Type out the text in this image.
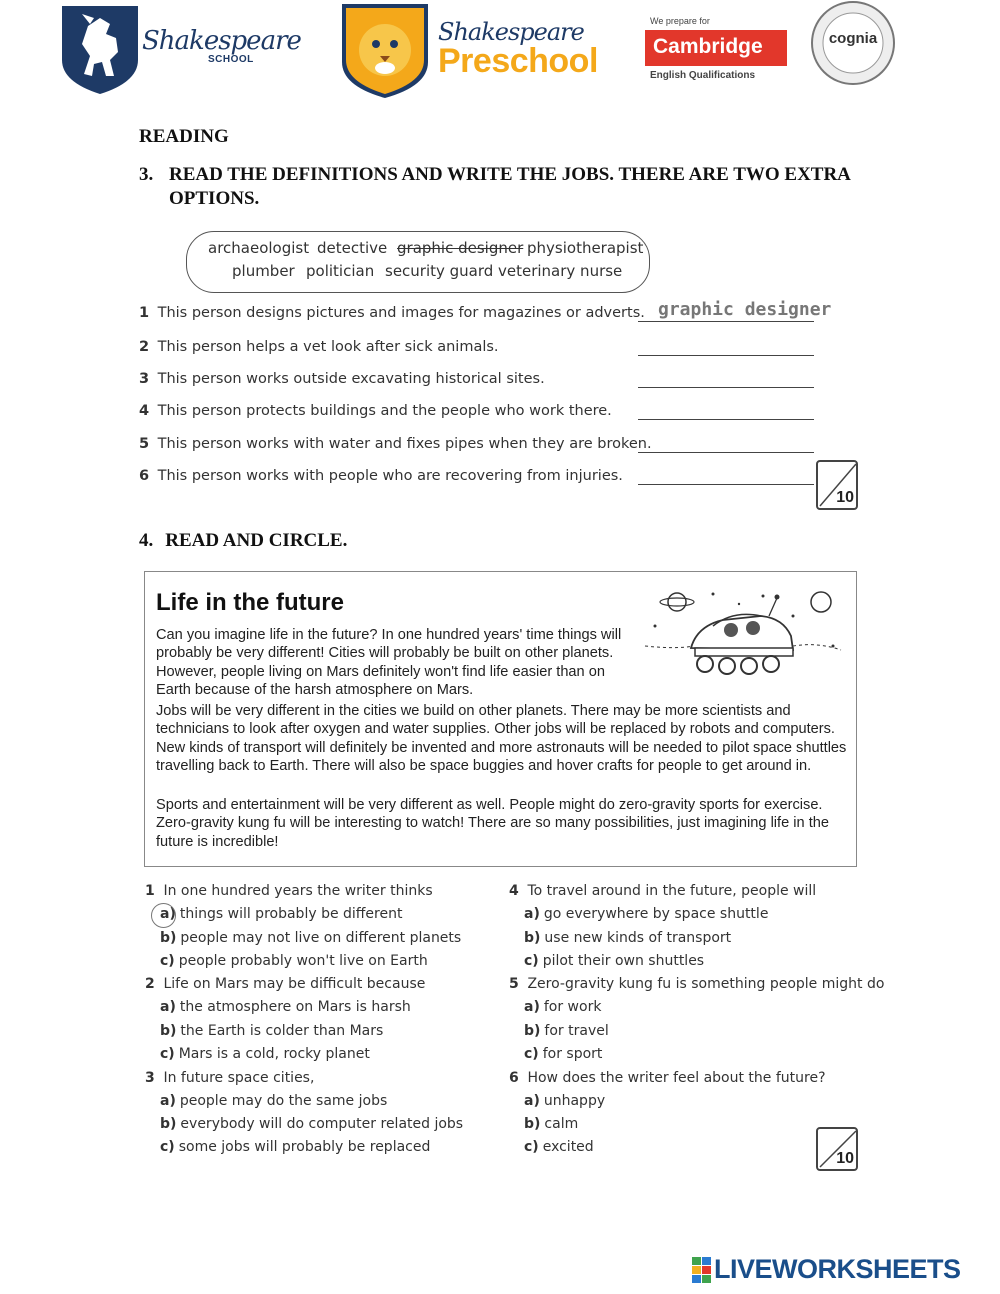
Shakespeare
SCHOOL
Shakespeare
Preschool
We prepare for
Cambridge
English Qualifications
cognia
READING
3. READ THE DEFINITIONS AND WRITE THE JOBS. THERE ARE TWO EXTRA OPTIONS.
archaeologist detective graphic designer physiotherapist
plumber politician security guard veterinary nurse
1 This person designs pictures and images for magazines or adverts. graphic designer
2 This person helps a vet look after sick animals.
3 This person works outside excavating historical sites.
4 This person protects buildings and the people who work there.
5 This person works with water and fixes pipes when they are broken.
6 This person works with people who are recovering from injuries.
10
4. READ AND CIRCLE.
Life in the future
Can you imagine life in the future? In one hundred years' time things will probably be very different! Cities will probably be built on other planets. However, people living on Mars definitely won't find life easier than on Earth because of the harsh atmosphere on Mars.
Jobs will be very different in the cities we build on other planets. There may be more scientists and technicians to look after oxygen and water supplies. Other jobs will be replaced by robots and computers. New kinds of transport will definitely be invented and more astronauts will be needed to pilot space shuttles travelling back to Earth. There will also be space buggies and hover crafts for people to get around in.
Sports and entertainment will be very different as well. People might do zero-gravity sports for exercise. Zero-gravity kung fu will be interesting to watch! There are so many possibilities, just imagining life in the future is incredible!
1 In one hundred years the writer thinks
a) things will probably be different
b) people may not live on different planets
c) people probably won't live on Earth
2 Life on Mars may be difficult because
a) the atmosphere on Mars is harsh
b) the Earth is colder than Mars
c) Mars is a cold, rocky planet
3 In future space cities,
a) people may do the same jobs
b) everybody will do computer related jobs
c) some jobs will probably be replaced
4 To travel around in the future, people will
a) go everywhere by space shuttle
b) use new kinds of transport
c) pilot their own shuttles
5 Zero-gravity kung fu is something people might do
a) for work
b) for travel
c) for sport
6 How does the writer feel about the future?
a) unhappy
b) calm
c) excited
10
LIVEWORKSHEETS
